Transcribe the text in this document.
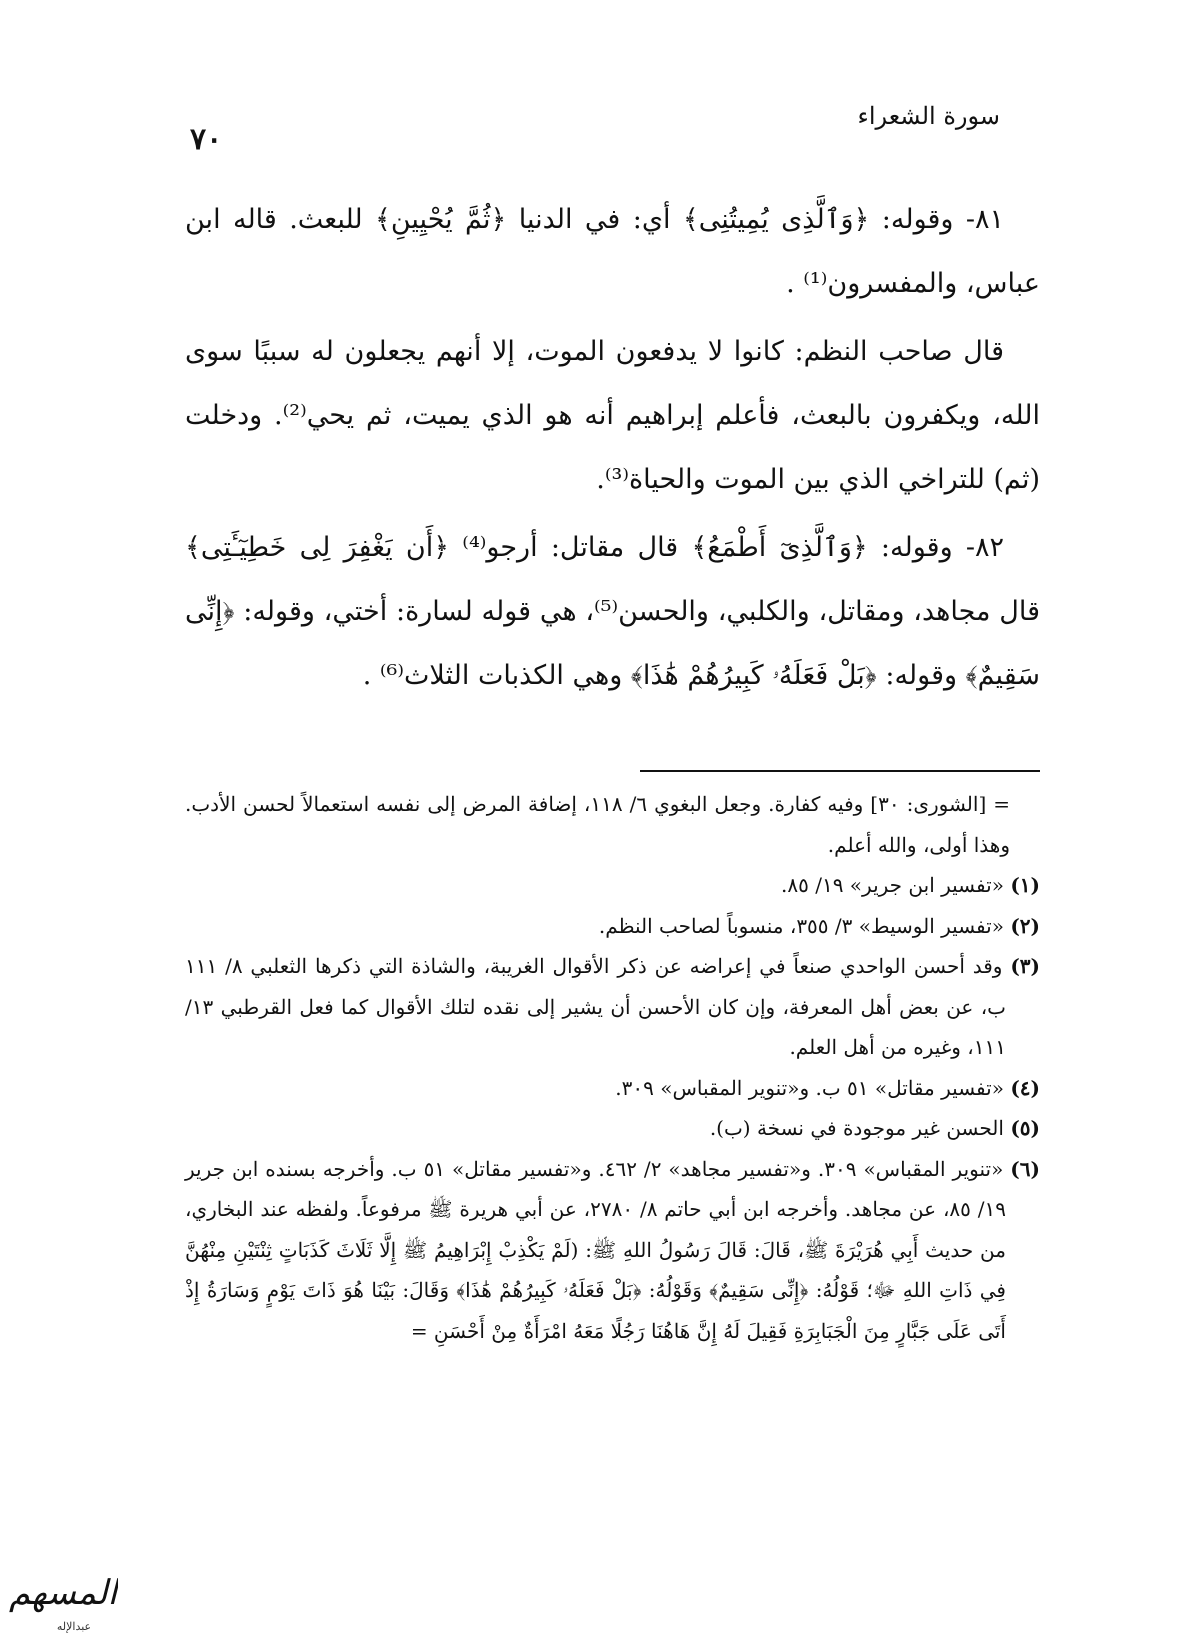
٧٠
سورة الشعراء

٨١- وقوله: ﴿وَٱلَّذِى يُمِيتُنِى﴾ أي: في الدنيا ﴿ثُمَّ يُحْيِينِ﴾ للبعث. قاله ابن عباس، والمفسرون⁽¹⁾ .

قال صاحب النظم: كانوا لا يدفعون الموت، إلا أنهم يجعلون له سببًا سوى الله، ويكفرون بالبعث، فأعلم إبراهيم أنه هو الذي يميت، ثم يحي⁽²⁾. ودخلت (ثم) للتراخي الذي بين الموت والحياة⁽³⁾.

٨٢- وقوله: ﴿وَٱلَّذِىٓ أَطْمَعُ﴾ قال مقاتل: أرجو⁽⁴⁾ ﴿أَن يَغْفِرَ لِى خَطِيٓـَٔتِى﴾ قال مجاهد، ومقاتل، والكلبي، والحسن⁽⁵⁾، هي قوله لسارة: أختي، وقوله: ﴿إِنِّى سَقِيمٌ﴾ وقوله: ﴿بَلْ فَعَلَهُۥ كَبِيرُهُمْ هَٰذَا﴾ وهي الكذبات الثلاث⁽⁶⁾ .

= [الشورى: ٣٠] وفيه كفارة. وجعل البغوي ٦/ ١١٨، إضافة المرض إلى نفسه استعمالاً لحسن الأدب. وهذا أولى، والله أعلم.

(١) «تفسير ابن جرير» ١٩/ ٨٥.

(٢) «تفسير الوسيط» ٣/ ٣٥٥، منسوباً لصاحب النظم.

(٣) وقد أحسن الواحدي صنعاً في إعراضه عن ذكر الأقوال الغريبة، والشاذة التي ذكرها الثعلبي ٨/ ١١١ ب، عن بعض أهل المعرفة، وإن كان الأحسن أن يشير إلى نقده لتلك الأقوال كما فعل القرطبي ١٣/ ١١١، وغيره من أهل العلم.

(٤) «تفسير مقاتل» ٥١ ب. و«تنوير المقباس» ٣٠٩.

(٥) الحسن غير موجودة في نسخة (ب).

(٦) «تنوير المقباس» ٣٠٩. و«تفسير مجاهد» ٢/ ٤٦٢. و«تفسير مقاتل» ٥١ ب. وأخرجه بسنده ابن جرير ١٩/ ٨٥، عن مجاهد. وأخرجه ابن أبي حاتم ٨/ ٢٧٨٠، عن أبي هريرة ﷺ مرفوعاً. ولفظه عند البخاري، من حديث أَبِي هُرَيْرَةَ ﷺ، قَالَ: قَالَ رَسُولُ اللهِ ﷺ: (لَمْ يَكْذِبْ إِبْرَاهِيمُ ﷺ إِلَّا ثَلَاثَ كَذَبَاتٍ ثِنْتَيْنِ مِنْهُنَّ فِي ذَاتِ اللهِ ﷻ؛ قَوْلُهُ: ﴿إِنِّى سَقِيمٌ﴾ وَقَوْلُهُ: ﴿بَلْ فَعَلَهُۥ كَبِيرُهُمْ هَٰذَا﴾ وَقَالَ: بَيْنَا هُوَ ذَاتَ يَوْمٍ وَسَارَةُ إِذْ أَتَى عَلَى جَبَّارٍ مِنَ الْجَبَابِرَةِ فَقِيلَ لَهُ إِنَّ هَاهُنَا رَجُلًا مَعَهُ امْرَأَةٌ مِنْ أَحْسَنِ =

المسهم
عبدالإله
